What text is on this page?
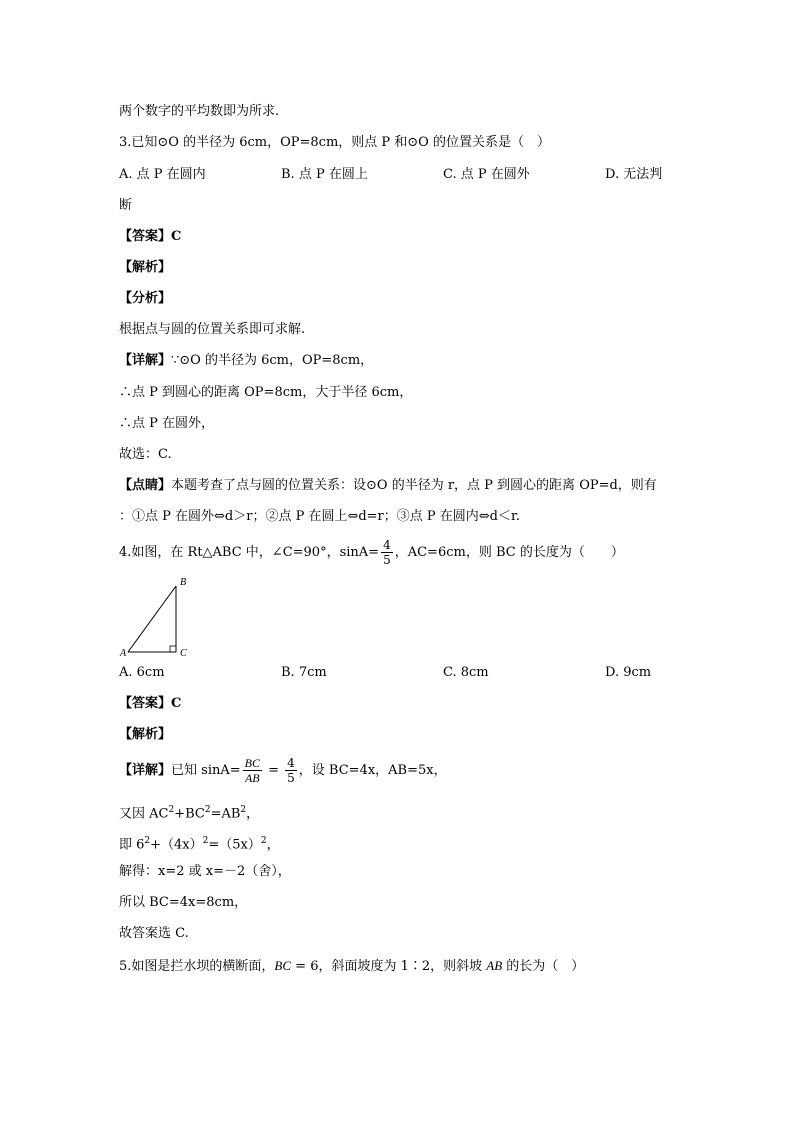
两个数字的平均数即为所求.
3.已知⊙O 的半径为 6cm，OP=8cm，则点 P 和⊙O 的位置关系是（　）
A. 点 P 在圆内	B. 点 P 在圆上	C. 点 P 在圆外	D. 无法判
断
【答案】C
【解析】
【分析】
根据点与圆的位置关系即可求解.
【详解】∵⊙O 的半径为 6cm，OP=8cm，
∴点 P 到圆心的距离 OP=8cm，大于半径 6cm，
∴点 P 在圆外，
故选：C.
【点睛】本题考查了点与圆的位置关系：设⊙O 的半径为 r，点 P 到圆心的距离 OP=d，则有
：①点 P 在圆外⇔d＞r；②点 P 在圆上⇔d=r；③点 P 在圆内⇔d＜r.
4.如图，在 Rt△ABC 中，∠C=90°，$\sin A= \frac{4}{5}$ ，AC=6cm，则 BC 的长度为（　　）
B
A	C
A. 6cm	B. 7cm	C. 8cm	D. 9cm
【答案】C
【解析】
【详解】已知 $\sin A= \frac{BC}{AB} = \frac{4}{5}$ ，设 BC=4x，AB=5x，
又因 $AC^2+BC^2=AB^2$，
即 $6^2+(4x)^2=(5x)^2$，
解得：x=2 或 x=－2（舍），
所以 BC=4x=8cm，
故答案选 C.
5.如图是拦水坝的横断面，BC = 6，斜面坡度为 1∶2，则斜坡 AB 的长为（　）
